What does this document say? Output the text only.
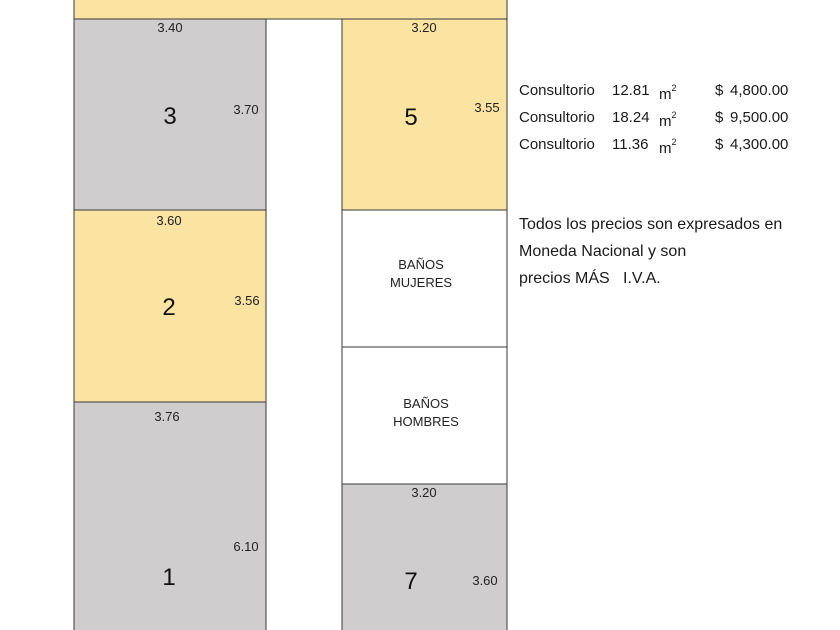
3.40
3.70
3
3.60
3.56
2
3.76
6.10
1
3.20
3.55
5
BAÑOS
MUJERES
BAÑOS
HOMBRES
3.20
3.60
7
Consultorio 12.81 $m^2$	$ 4,800.00
Consultorio 18.24 $m^2$	$ 9,500.00
Consultorio 11.36 $m^2$	$ 4,300.00
Todos los precios son expresados en
Moneda Nacional y son
precios MÁS   I.V.A.
